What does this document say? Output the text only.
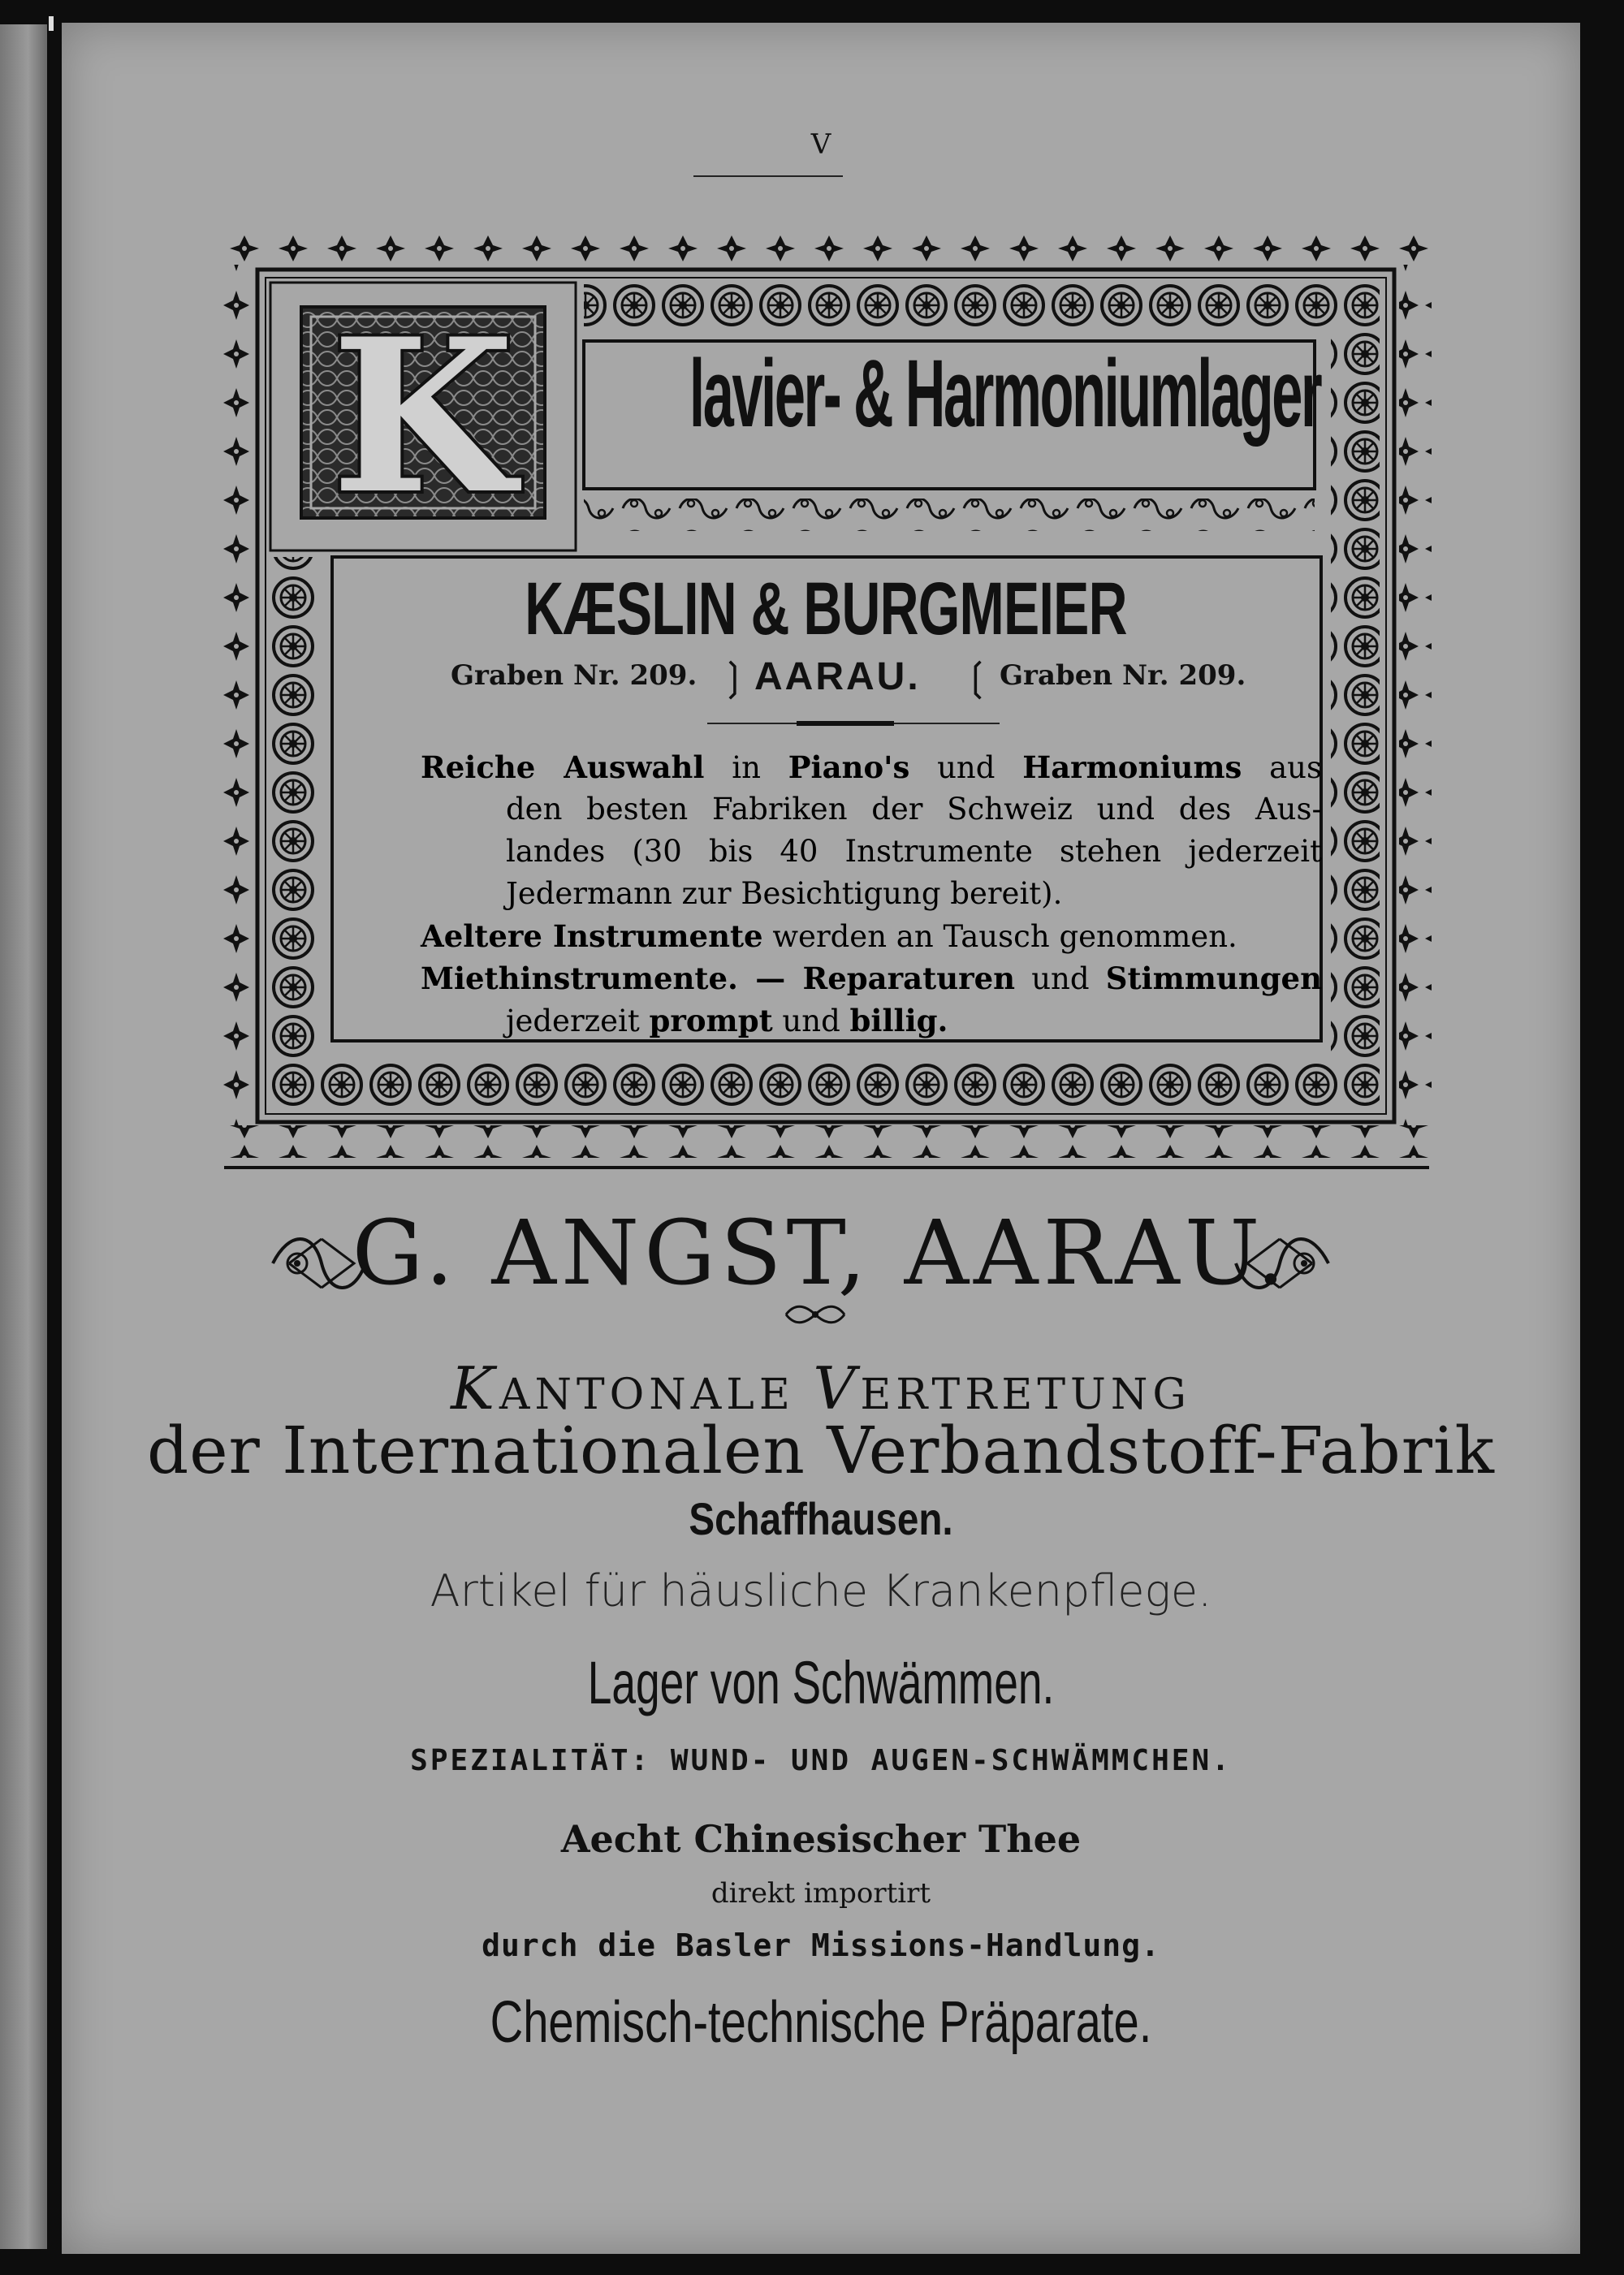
V
K lavier- & Harmoniumlager
KÆSLIN & BURGMEIER
Graben Nr. 209. ❳ AARAU. ❲ Graben Nr. 209.
Reiche Auswahl in Piano's und Harmoniums aus
den besten Fabriken der Schweiz und des Aus-
landes (30 bis 40 Instrumente stehen jederzeit
Jedermann zur Besichtigung bereit).
Aeltere Instrumente werden an Tausch genommen.
Miethinstrumente. — Reparaturen und Stimmungen
jederzeit prompt und billig.
G. ANGST, AARAU.
KANTONALE VERTRETUNG
der Internationalen Verbandstoff-Fabrik
Schaffhausen.
Artikel für häusliche Krankenpflege.
Lager von Schwämmen.
SPEZIALITÄT: WUND- UND AUGEN-SCHWÄMMCHEN.
Aecht Chinesischer Thee
direkt importirt
durch die Basler Missions-Handlung.
Chemisch-technische Präparate.
